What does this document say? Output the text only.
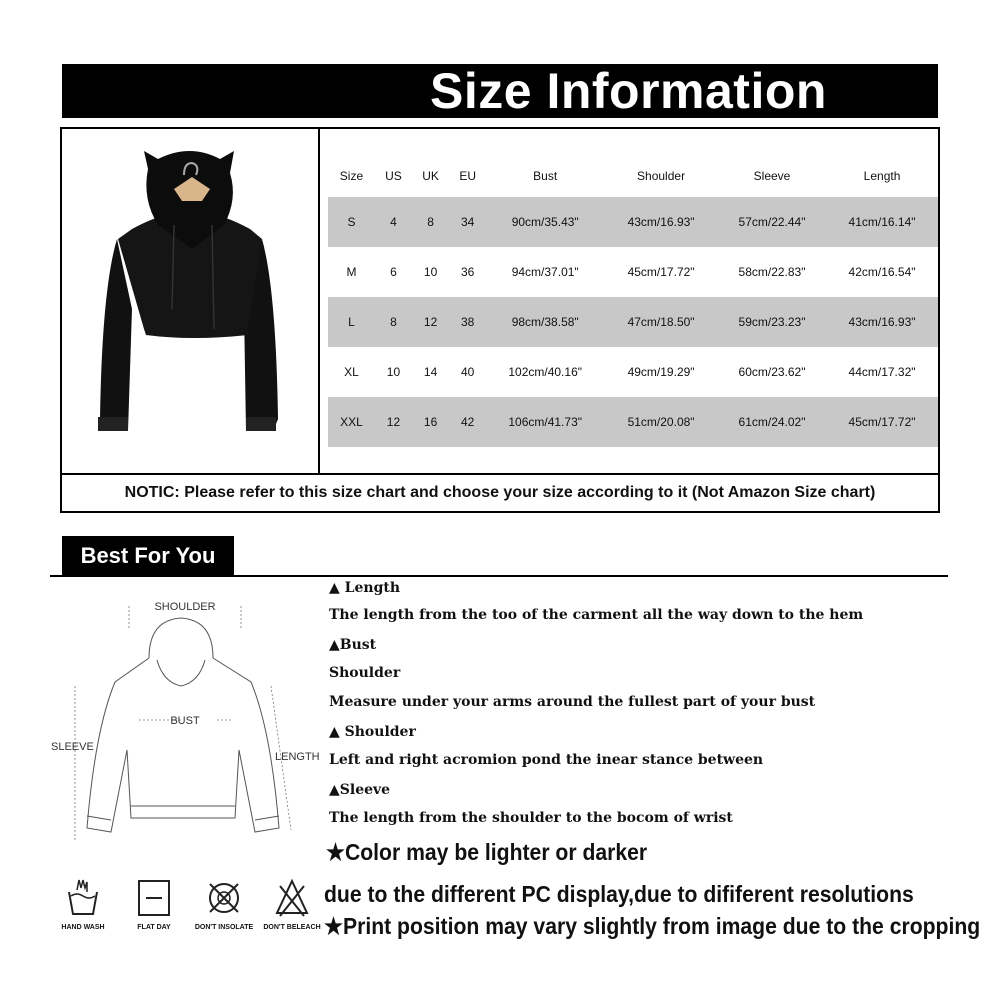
Size Information
Size	US	UK	EU	Bust	Shoulder	Sleeve	Length
S	4	8	34	90cm/35.43"	43cm/16.93"	57cm/22.44"	41cm/16.14"
M	6	10	36	94cm/37.01"	45cm/17.72"	58cm/22.83"	42cm/16.54"
L	8	12	38	98cm/38.58"	47cm/18.50"	59cm/23.23"	43cm/16.93"
XL	10	14	40	102cm/40.16"	49cm/19.29"	60cm/23.62"	44cm/17.32"
XXL	12	16	42	106cm/41.73"	51cm/20.08"	61cm/24.02"	45cm/17.72"
NOTIC: Please refer to this size chart and choose your size according to it (Not Amazon Size chart)
Best For You
SHOULDER
BUST
SLEEVE
LENGTH
▲ Length
The length from the too of the carment all the way down to the hem
▲Bust
Shoulder
Measure under your arms around the fullest part of your bust
▲ Shoulder
Left and right acromion pond the inear stance between
▲Sleeve
The length from the shoulder to the bocom of wrist
★Color may be lighter or darker
due to the different PC display,due to dififerent resolutions
★Print position may vary slightly from image due to the cropping
HAND WASH	FLAT DAY	DON'T INSOLATE	DON'T BELEACH
